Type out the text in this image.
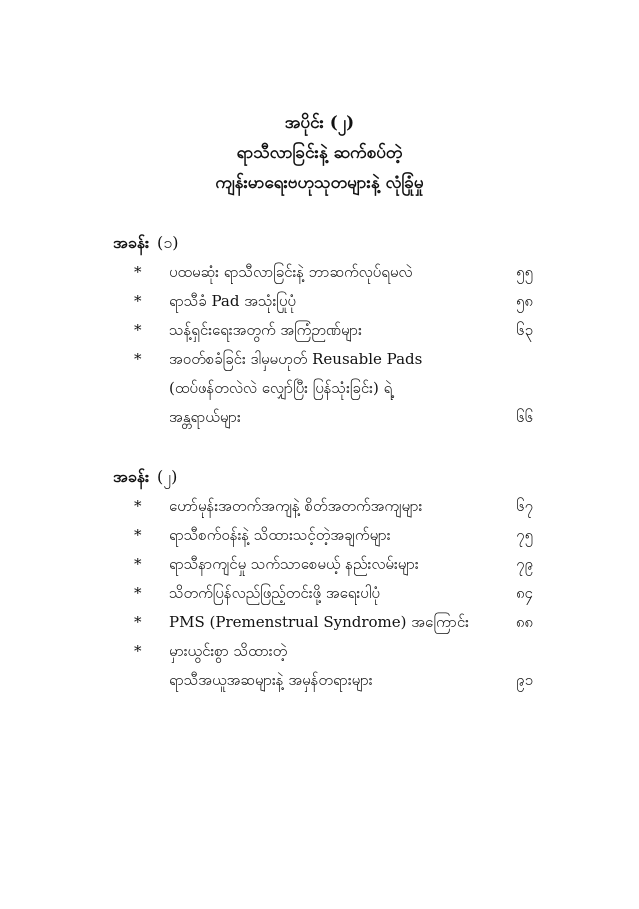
အပိုင်း (၂)
ရာသီလာခြင်းနဲ့ ဆက်စပ်တဲ့
ကျန်းမာရေးဗဟုသုတများနဲ့ လုံခြုံမှု
အခန်း (၁)
* ပထမဆုံး ရာသီလာခြင်းနဲ့ ဘာဆက်လုပ်ရမလဲ	၅၅
* ရာသီခံ Pad အသုံးပြုပုံ	၅၈
* သန့်ရှင်းရေးအတွက် အကြံဉာဏ်များ	၆၃
* အဝတ်စခံခြင်း ဒါမှမဟုတ် Reusable Pads
(ထပ်ဖန်တလဲလဲ လျှော်ပြီး ပြန်သုံးခြင်း) ရဲ့
အန္တရာယ်များ	၆၆
အခန်း (၂)
* ဟော်မုန်းအတက်အကျနဲ့ စိတ်အတက်အကျများ	၆၇
* ရာသီစက်ဝန်းနဲ့ သိထားသင့်တဲ့အချက်များ	၇၅
* ရာသီနာကျင်မှု သက်သာစေမယ့် နည်းလမ်းများ	၇၉
* သိတက်ပြန်လည်ဖြည့်တင်းဖို့ အရေးပါပုံ	၈၄
* PMS (Premenstrual Syndrome) အကြောင်း	၈၈
* မှားယွင်းစွာ သိထားတဲ့
ရာသီအယူအဆများနဲ့ အမှန်တရားများ	၉၁
